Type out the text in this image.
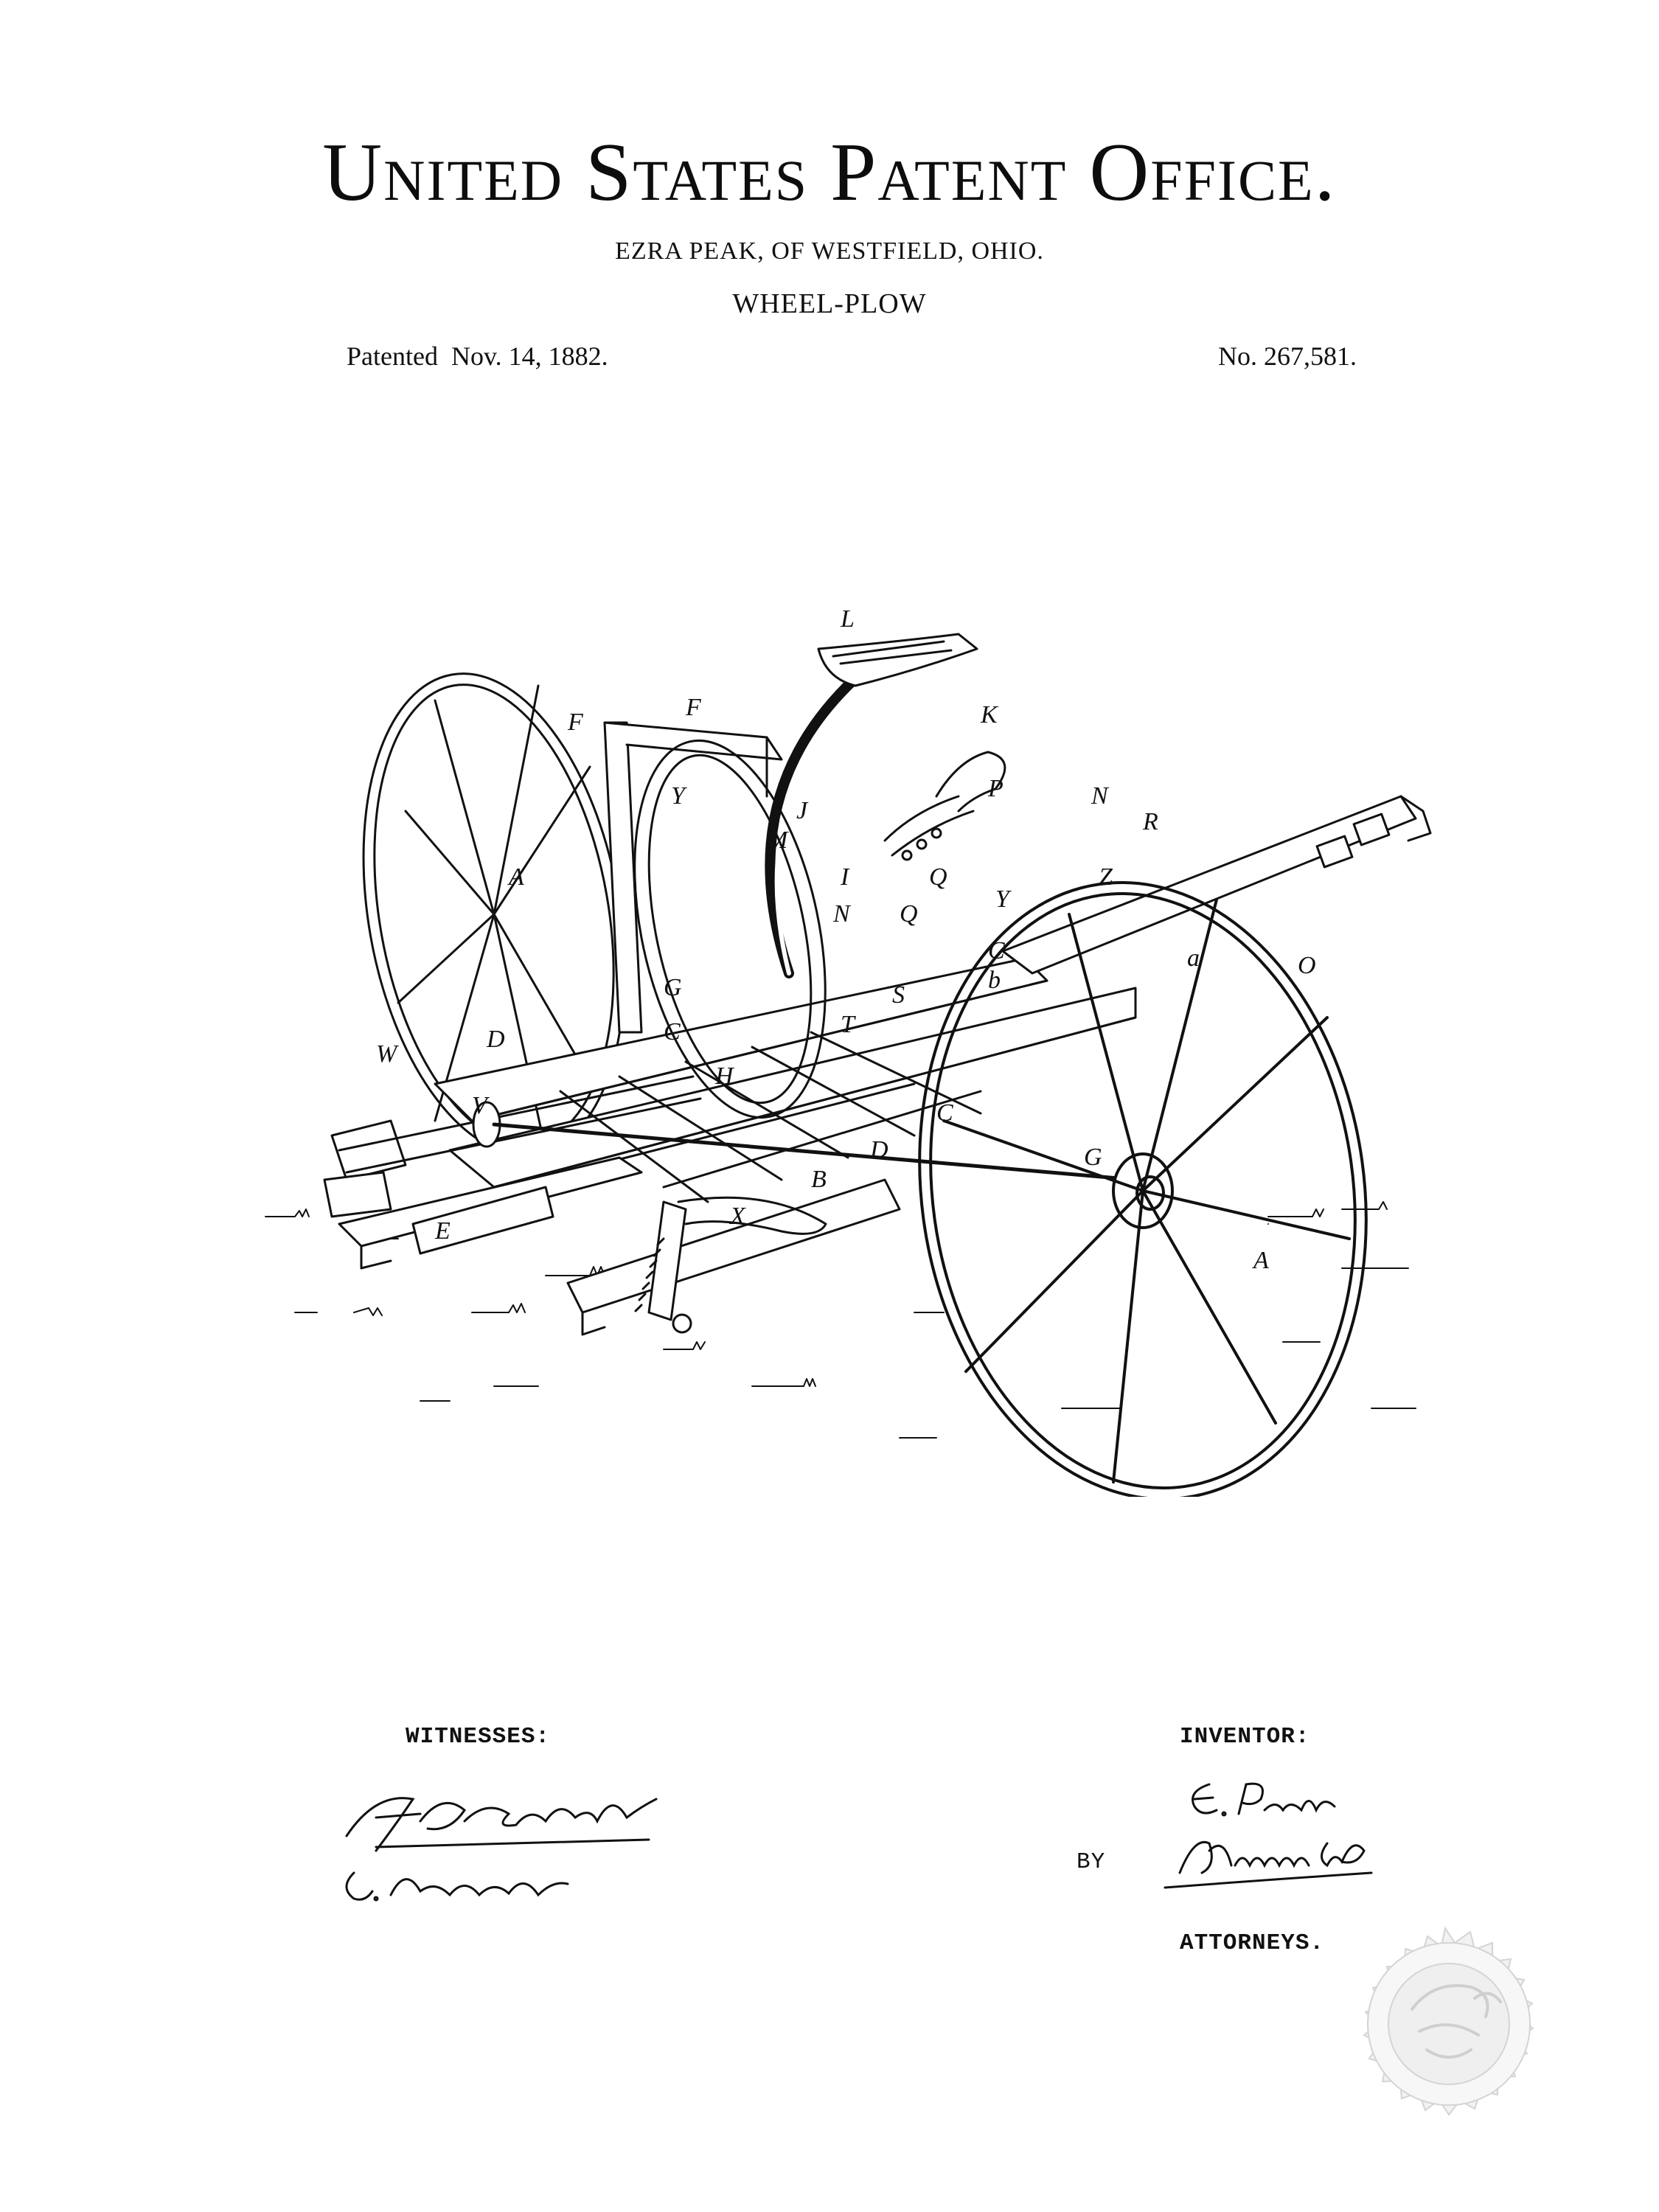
United States Patent Office.
EZRA PEAK, OF WESTFIELD, OHIO.
WHEEL-PLOW
Patented  Nov. 14, 1882.	No. 267,581.
L
K
F
F
J
P	N
R
Y
M
I	Q
Q
Y
N
Z
A
C
G	S
b
T
C
D
H
W
V	C
D
B
X
E
A
O
a
G
WITNESSES:	INVENTOR:
BY
ATTORNEYS.
